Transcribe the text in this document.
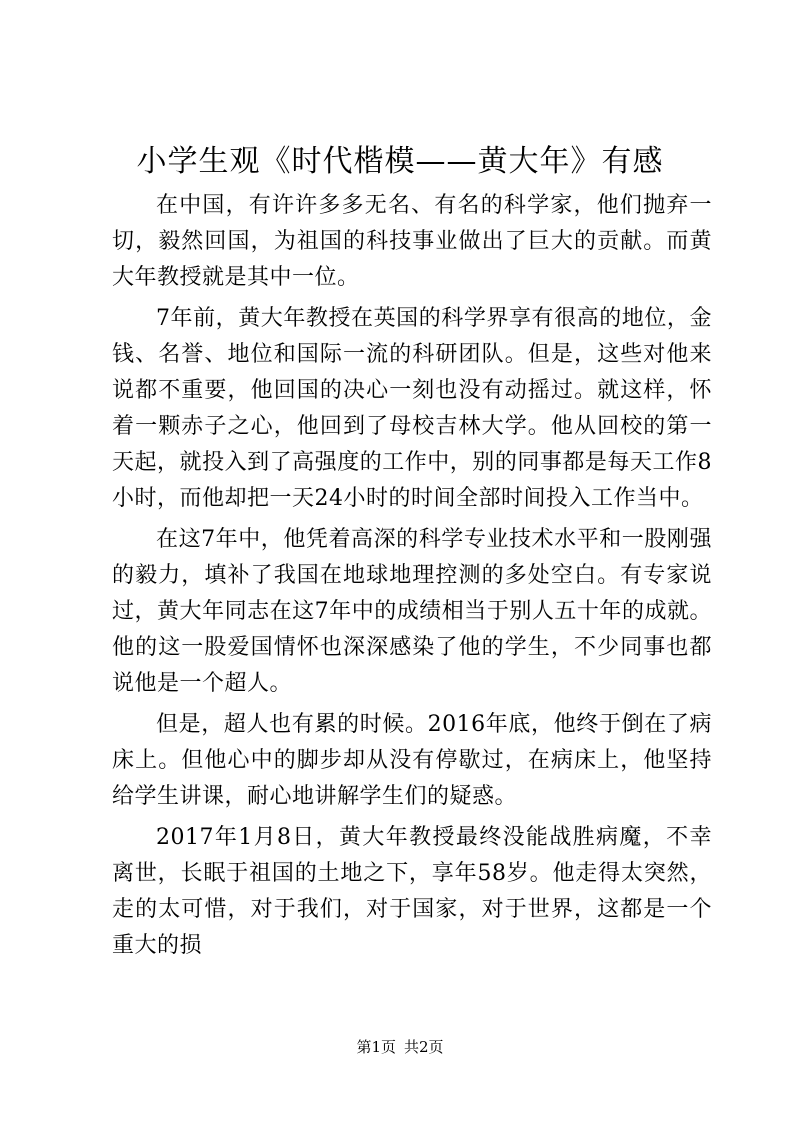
小学生观《时代楷模——黄大年》有感

在中国，有许许多多无名、有名的科学家，他们抛弃一切，毅然回国，为祖国的科技事业做出了巨大的贡献。而黄大年教授就是其中一位。

7年前，黄大年教授在英国的科学界享有很高的地位，金钱、名誉、地位和国际一流的科研团队。但是，这些对他来说都不重要，他回国的决心一刻也没有动摇过。就这样，怀着一颗赤子之心，他回到了母校吉林大学。他从回校的第一天起，就投入到了高强度的工作中，别的同事都是每天工作8小时，而他却把一天24小时的时间全部时间投入工作当中。

在这7年中，他凭着高深的科学专业技术水平和一股刚强的毅力，填补了我国在地球地理控测的多处空白。有专家说过，黄大年同志在这7年中的成绩相当于别人五十年的成就。他的这一股爱国情怀也深深感染了他的学生，不少同事也都说他是一个超人。

但是，超人也有累的时候。2016年底，他终于倒在了病床上。但他心中的脚步却从没有停歇过，在病床上，他坚持给学生讲课，耐心地讲解学生们的疑惑。

2017年1月8日，黄大年教授最终没能战胜病魔，不幸离世，长眠于祖国的土地之下，享年58岁。他走得太突然，走的太可惜，对于我们，对于国家，对于世界，这都是一个重大的损

第1页 共2页
